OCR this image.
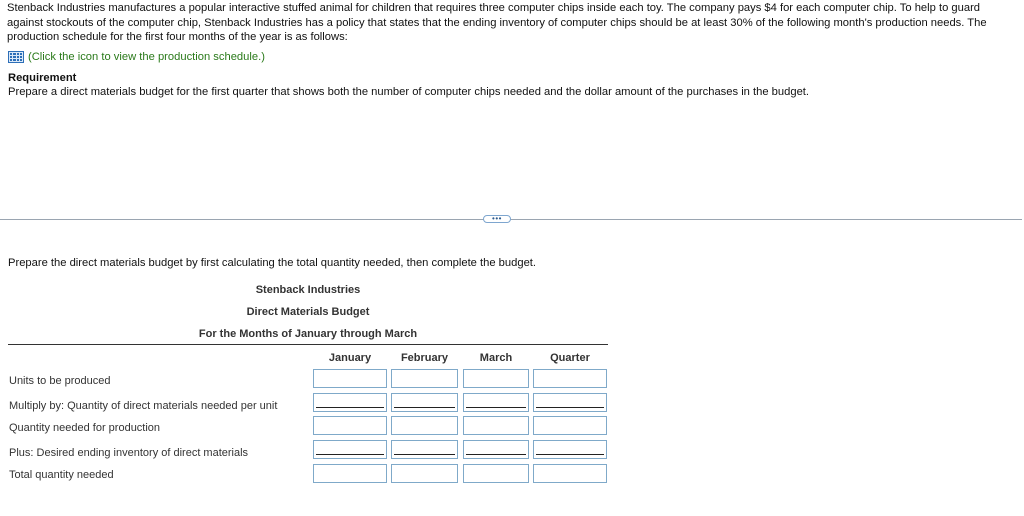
Stenback Industries manufactures a popular interactive stuffed animal for children that requires three computer chips inside each toy. The company pays $4 for each computer chip. To help to guard against stockouts of the computer chip, Stenback Industries has a policy that states that the ending inventory of computer chips should be at least 30% of the following month's production needs. The production schedule for the first four months of the year is as follows:
(Click the icon to view the production schedule.)
Requirement
Prepare a direct materials budget for the first quarter that shows both the number of computer chips needed and the dollar amount of the purchases in the budget.
•••
Prepare the direct materials budget by first calculating the total quantity needed, then complete the budget.
Stenback Industries
Direct Materials Budget
For the Months of January through March
January	February	March	Quarter
Units to be produced
Multiply by: Quantity of direct materials needed per unit
Quantity needed for production
Plus: Desired ending inventory of direct materials
Total quantity needed
